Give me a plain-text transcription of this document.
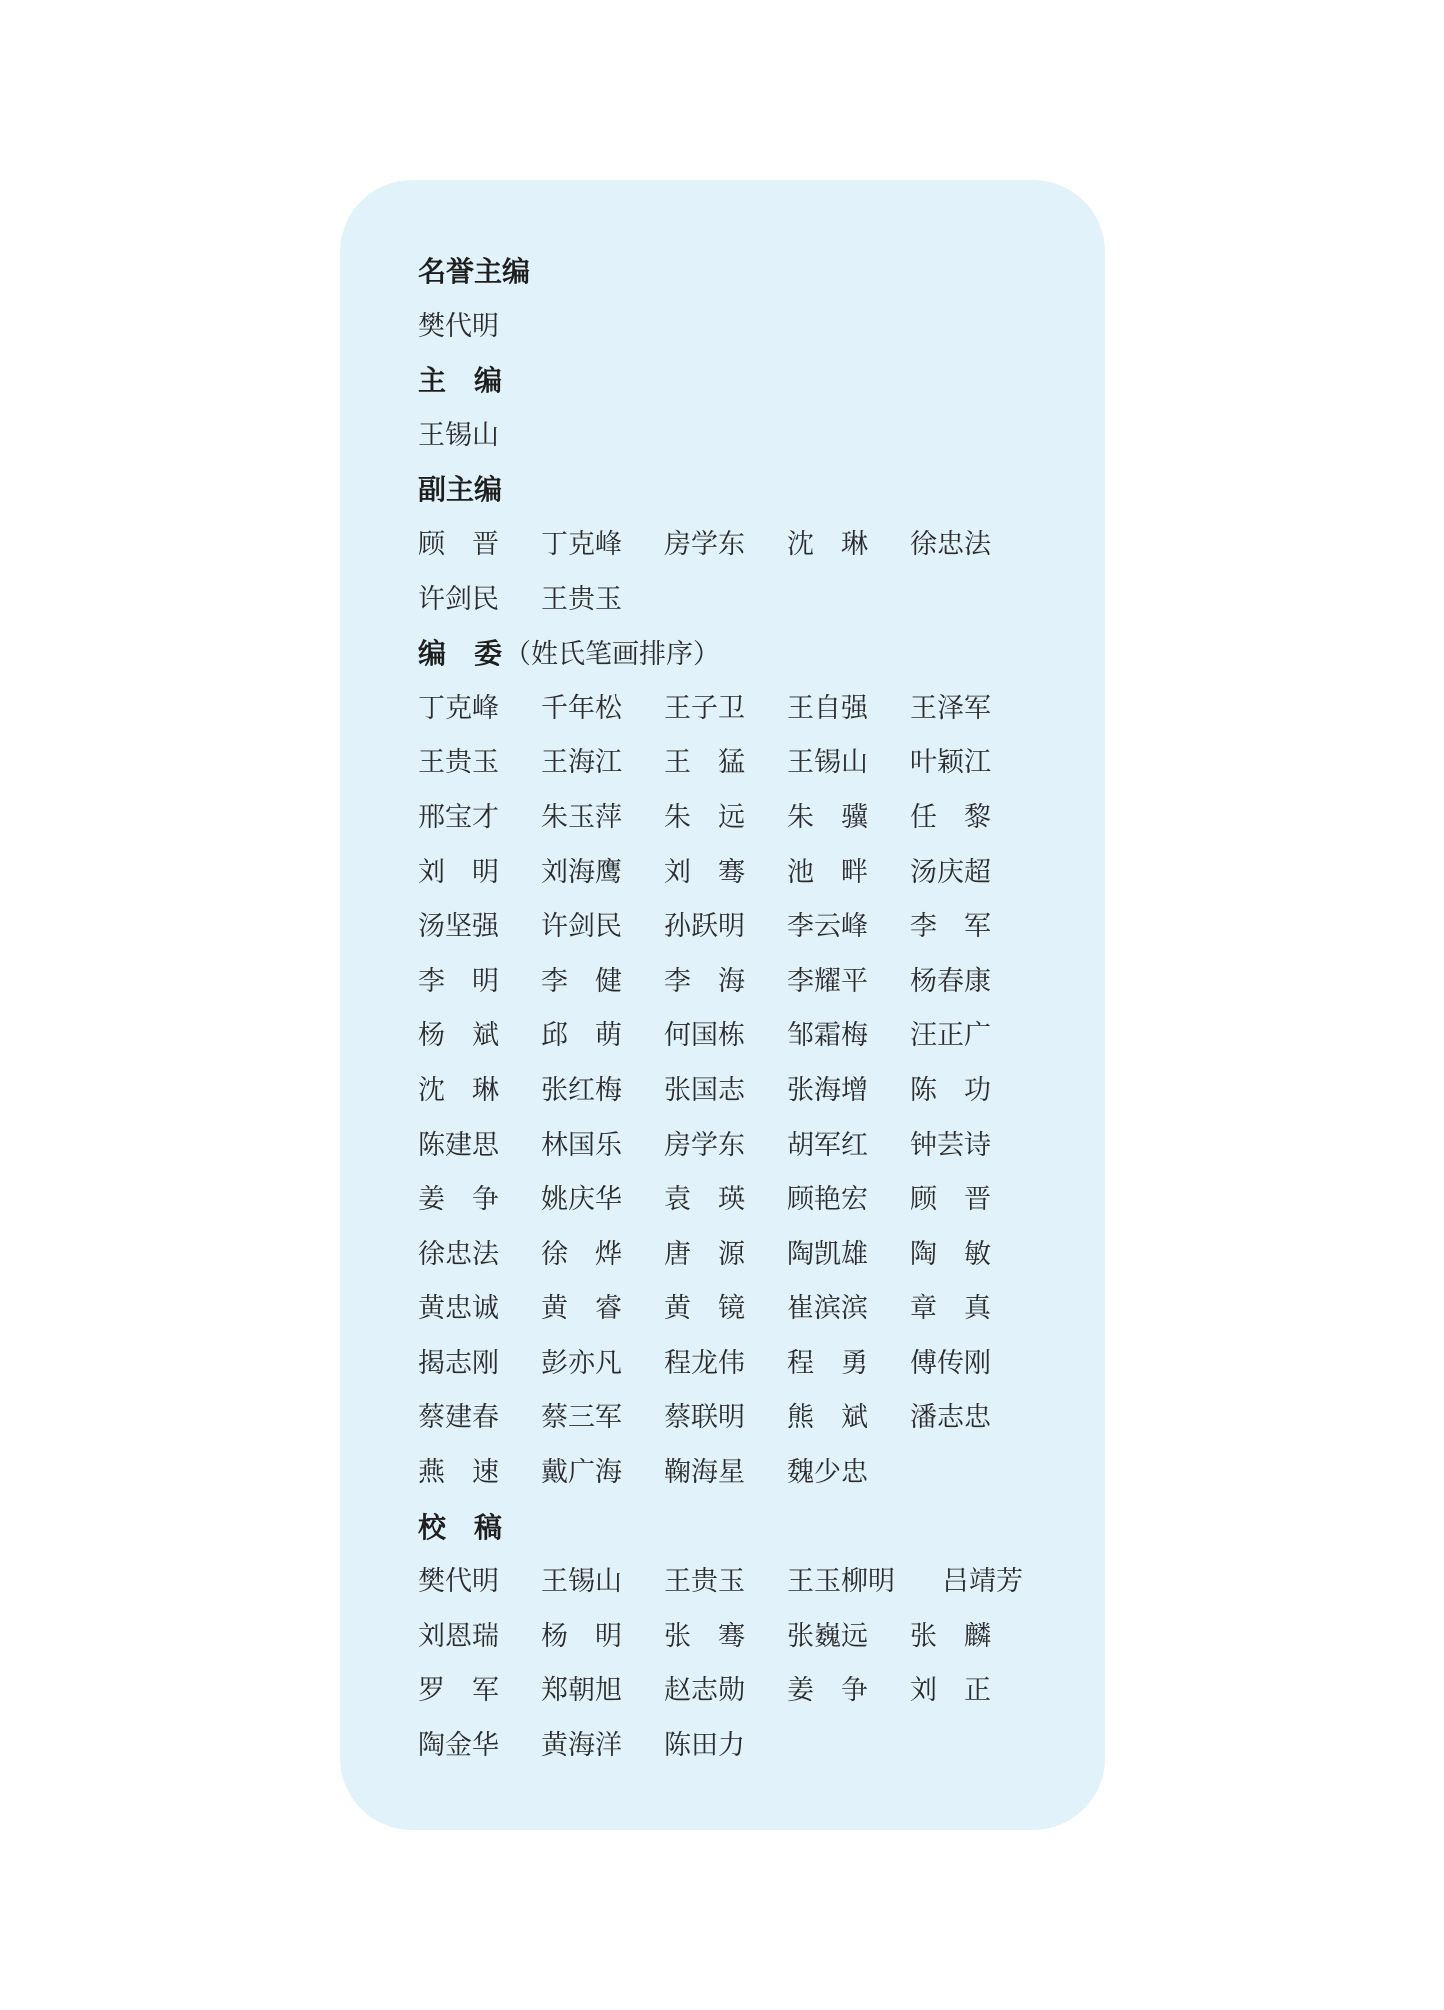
名誉主编
樊代明
主　编
王锡山
副主编
顾　晋 丁克峰 房学东 沈　琳 徐忠法
许剑民 王贵玉
编　委（姓氏笔画排序）
丁克峰 千年松 王子卫 王自强 王泽军
王贵玉 王海江 王　猛 王锡山 叶颖江
邢宝才 朱玉萍 朱　远 朱　骥 任　黎
刘　明 刘海鹰 刘　骞 池　畔 汤庆超
汤坚强 许剑民 孙跃明 李云峰 李　军
李　明 李　健 李　海 李耀平 杨春康
杨　斌 邱　萌 何国栋 邹霜梅 汪正广
沈　琳 张红梅 张国志 张海增 陈　功
陈建思 林国乐 房学东 胡军红 钟芸诗
姜　争 姚庆华 袁　瑛 顾艳宏 顾　晋
徐忠法 徐　烨 唐　源 陶凯雄 陶　敏
黄忠诚 黄　睿 黄　镜 崔滨滨 章　真
揭志刚 彭亦凡 程龙伟 程　勇 傅传刚
蔡建春 蔡三军 蔡联明 熊　斌 潘志忠
燕　速 戴广海 鞠海星 魏少忠
校　稿
樊代明 王锡山 王贵玉 王玉柳明 吕靖芳
刘恩瑞 杨　明 张　骞 张巍远 张　麟
罗　军 郑朝旭 赵志勋 姜　争 刘　正
陶金华 黄海洋 陈田力
